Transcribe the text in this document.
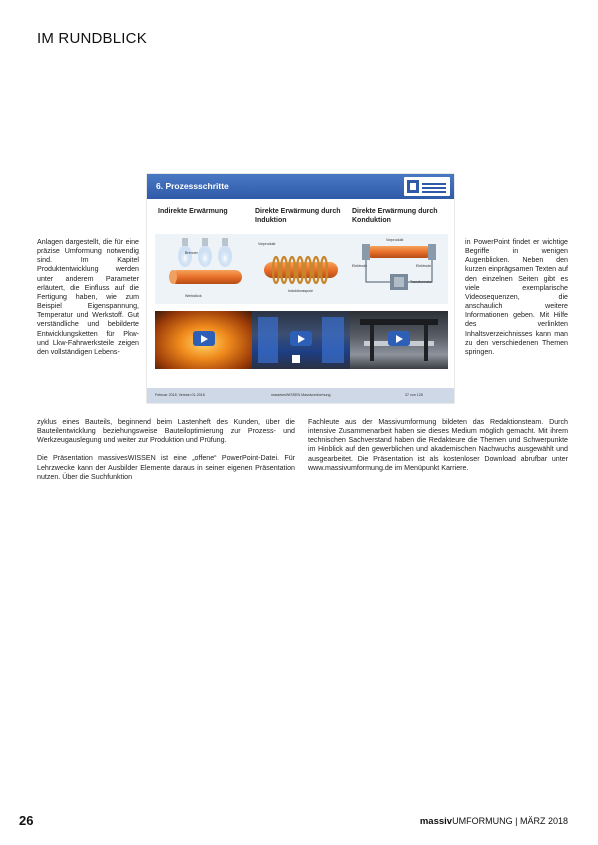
IM RUNDBLICK

Anlagen dargestellt, die für eine präzise Umformung notwendig sind. Im Kapitel Produktentwicklung werden unter anderem Parameter erläutert, die Einfluss auf die Fertigung haben, wie zum Beispiel Eigenspannung, Temperatur und Werkstoff. Gut verständliche und bebilderte Entwicklungsketten für Pkw- und Lkw-Fahrwerksteile zeigen den vollständigen Lebens-

6. Prozessschritte
Indirekte Erwärmung
Brenner
Werkstück
Direkte Erwärmung durch Induktion
Vorprodukt
Induktionsspule
Direkte Erwärmung durch Konduktion
Vorprodukt
Elektrode	Elektrode
Transformator
Februar 2018, Version 01-2018	massivesWISSEN Massivumformung	37 von 128

in PowerPoint findet er wichtige Begriffe in wenigen Augenblicken. Neben den kurzen einprägsamen Texten auf den einzelnen Seiten gibt es viele exemplarische Videosequenzen, die anschaulich weitere Informationen geben. Mit Hilfe des verlinkten Inhaltsverzeichnisses kann man zu den verschiedenen Themen springen.

zyklus eines Bauteils, beginnend beim Lastenheft des Kunden, über die Bauteilentwicklung beziehungsweise Bauteiloptimierung zur Prozess- und Werkzeugauslegung und weiter zur Produktion und Prüfung.

Die Präsentation massivesWISSEN ist eine „offene“ PowerPoint-Datei. Für Lehrzwecke kann der Ausbilder Elemente daraus in seiner eigenen Präsentation nutzen. Über die Suchfunktion

Fachleute aus der Massivumformung bildeten das Redaktionsteam. Durch intensive Zusammenarbeit haben sie dieses Medium möglich gemacht. Mit ihrem technischen Sachverstand haben die Redakteure die Themen und Schwerpunkte im Hinblick auf den gewerblichen und akademischen Nachwuchs ausgewählt und ausgearbeitet. Die Präsentation ist als kostenloser Download abrufbar unter www.massivumformung.de im Menüpunkt Karriere.

26	massivUMFORMUNG | MÄRZ 2018
